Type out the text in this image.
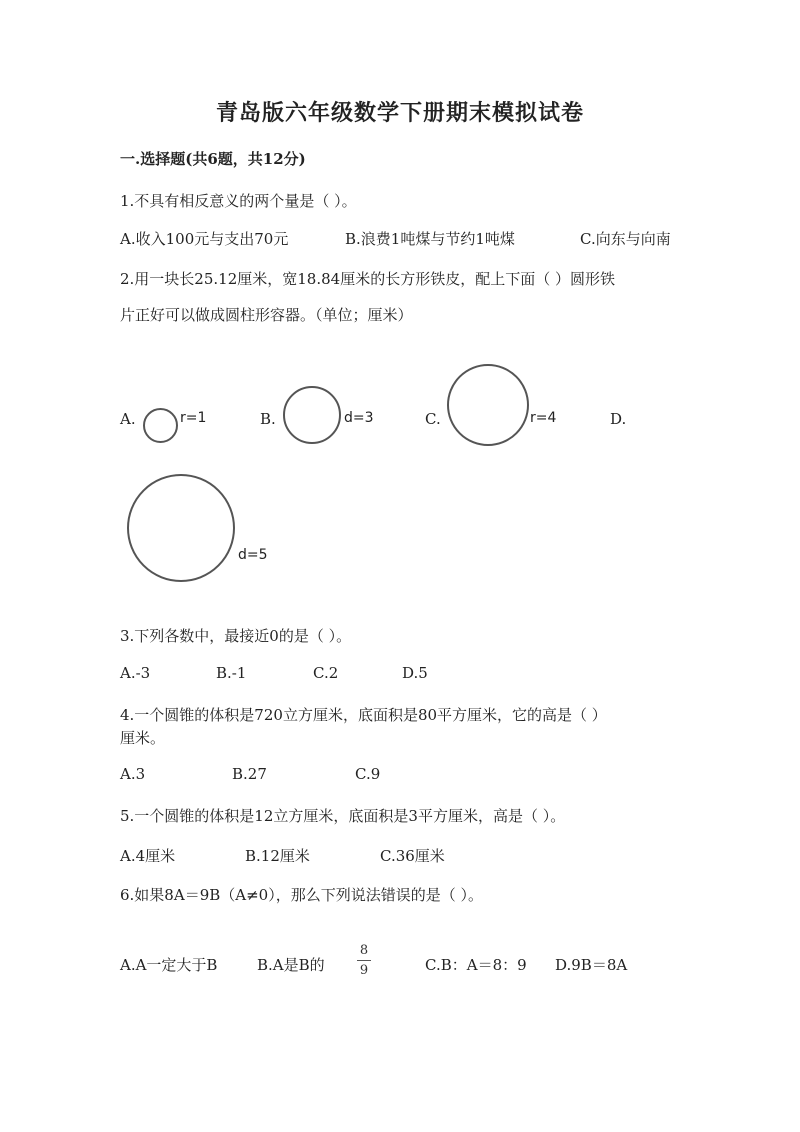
青岛版六年级数学下册期末模拟试卷
一.选择题(共6题，共12分)
1.不具有相反意义的两个量是（ ）。
A.收入100元与支出70元	B.浪费1吨煤与节约1吨煤	C.向东与向南
2.用一块长25.12厘米，宽18.84厘米的长方形铁皮，配上下面（ ）圆形铁
片正好可以做成圆柱形容器。（单位；厘米）
A.	r=1	B.	d=3	C.	r=4	D.
d=5
3.下列各数中，最接近0的是（ ）。
A.-3	B.-1	C.2	D.5
4.一个圆锥的体积是720立方厘米，底面积是80平方厘米，它的高是（ ）
厘米。
A.3	B.27	C.9
5.一个圆锥的体积是12立方厘米，底面积是3平方厘米，高是（ ）。
A.4厘米	B.12厘米	C.36厘米
6.如果8A＝9B（A≠0），那么下列说法错误的是（ ）。
A.A一定大于B	B.A是B的
8
9	C.B：A＝8：9 D.9B＝8A
